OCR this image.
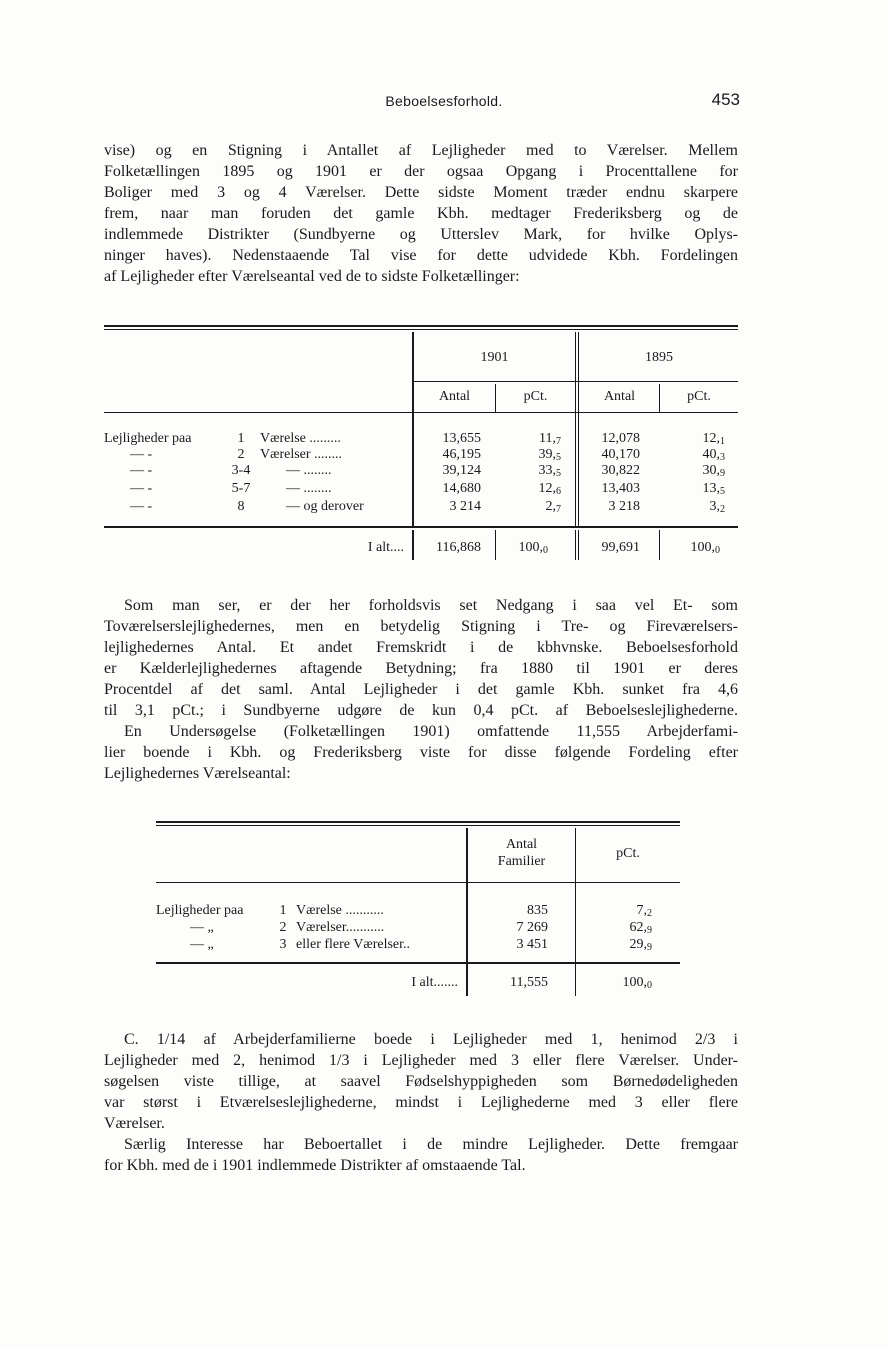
Beboelsesforhold.	453
vise) og en Stigning i Antallet af Lejligheder med to Værelser. Mellem
Folketællingen 1895 og 1901 er der ogsaa Opgang i Procenttallene for
Boliger med 3 og 4 Værelser. Dette sidste Moment træder endnu skarpere
frem, naar man foruden det gamle Kbh. medtager Frederiksberg og de
indlemmede Distrikter (Sundbyerne og Utterslev Mark, for hvilke Oplys-
ninger haves). Nedenstaaende Tal vise for dette udvidede Kbh. Fordelingen
af Lejligheder efter Værelseantal ved de to sidste Folketællinger:
1901	1895
Antal	pCt.	Antal	pCt.
Lejligheder paa	1	Værelse .........	13,655	$11,_7$	12,078	$12,_1$
— -	2	Værelser ........	46,195	$39,_5$	40,170	$40,_3$
— -	3-4	— ........	39,124	$33,_5$	30,822	$30,_9$
— -	5-7	— ........	14,680	$12,_6$	13,403	$13,_5$
— -	8	— og derover	3 214	$2,_7$	3 218	$3,_2$
I alt....	116,868	$100,_0$	99,691	$100,_0$
Som man ser, er der her forholdsvis set Nedgang i saa vel Et- som
Toværelserslejlighedernes, men en betydelig Stigning i Tre- og Fireværelsers-
lejlighedernes Antal. Et andet Fremskridt i de kbhvnske. Beboelsesforhold
er Kælderlejlighedernes aftagende Betydning; fra 1880 til 1901 er deres
Procentdel af det saml. Antal Lejligheder i det gamle Kbh. sunket fra 4,6
til 3,1 pCt.; i Sundbyerne udgøre de kun 0,4 pCt. af Beboelseslejlighederne.
En Undersøgelse (Folketællingen 1901) omfattende 11,555 Arbejderfami-
lier boende i Kbh. og Frederiksberg viste for disse følgende Fordeling efter
Lejlighedernes Værelseantal:
Antal
Familier
pCt.
Lejligheder paa	1 Værelse ...........	835	$7,_2$
— „	2 Værelser...........	7 269	$62,_9$
— „	3 eller flere Værelser..	3 451	$29,_9$
I alt.......	11,555	$100,_0$
C. 1/14 af Arbejderfamilierne boede i Lejligheder med 1, henimod 2/3 i
Lejligheder med 2, henimod 1/3 i Lejligheder med 3 eller flere Værelser. Under-
søgelsen viste tillige, at saavel Fødselshyppigheden som Børnedødeligheden
var størst i Etværelseslejlighederne, mindst i Lejlighederne med 3 eller flere
Værelser.
Særlig Interesse har Beboertallet i de mindre Lejligheder. Dette fremgaar
for Kbh. med de i 1901 indlemmede Distrikter af omstaaende Tal.
